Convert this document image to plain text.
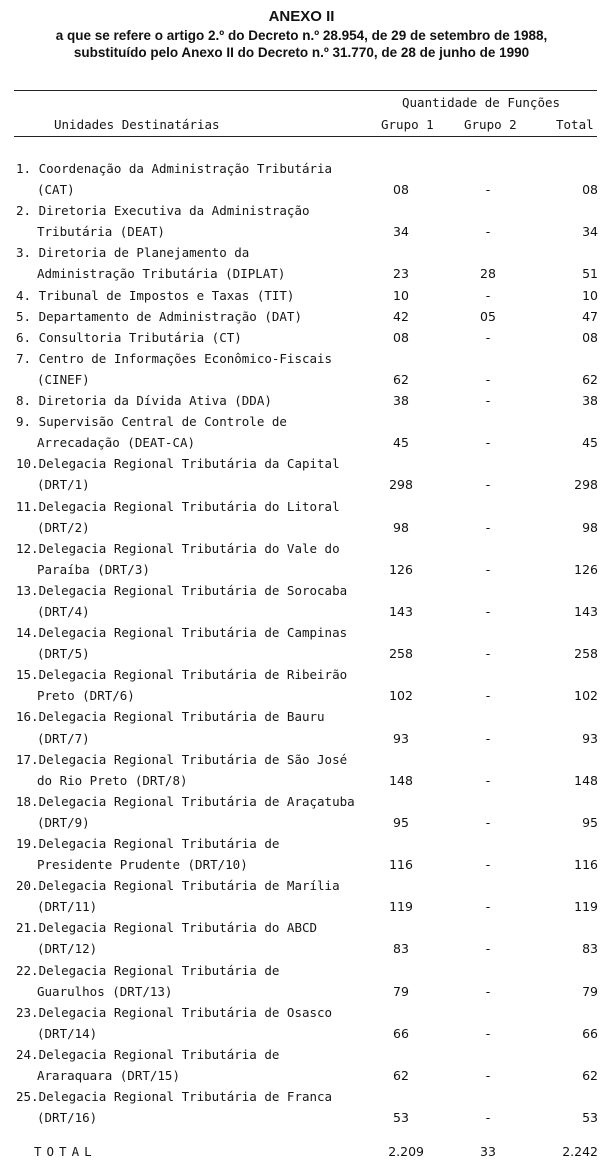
ANEXO II
a que se refere o artigo 2.º do Decreto n.º 28.954, de 29 de setembro de 1988,
substituído pelo Anexo II do Decreto n.º 31.770, de 28 de junho de 1990
Quantidade de Funções
Unidades Destinatárias	Grupo 1 Grupo 2	Total
1. Coordenação da Administração Tributária
(CAT)	08	-	08
2. Diretoria Executiva da Administração
Tributária (DEAT)	34	-	34
3. Diretoria de Planejamento da
Administração Tributária (DIPLAT)	23	28	51
4. Tribunal de Impostos e Taxas (TIT)	10	-	10
5. Departamento de Administração (DAT)	42	05	47
6. Consultoria Tributária (CT)	08	-	08
7. Centro de Informações Econômico-Fiscais
(CINEF)	62	-	62
8. Diretoria da Dívida Ativa (DDA)	38	-	38
9. Supervisão Central de Controle de
Arrecadação (DEAT-CA)	45	-	45
10.Delegacia Regional Tributária da Capital
(DRT/1)	298	-	298
11.Delegacia Regional Tributária do Litoral
(DRT/2)	98	-	98
12.Delegacia Regional Tributária do Vale do
Paraíba (DRT/3)	126	-	126
13.Delegacia Regional Tributária de Sorocaba
(DRT/4)	143	-	143
14.Delegacia Regional Tributária de Campinas
(DRT/5)	258	-	258
15.Delegacia Regional Tributária de Ribeirão
Preto (DRT/6)	102	-	102
16.Delegacia Regional Tributária de Bauru
(DRT/7)	93	-	93
17.Delegacia Regional Tributária de São José
do Rio Preto (DRT/8)	148	-	148
18.Delegacia Regional Tributária de Araçatuba
(DRT/9)	95	-	95
19.Delegacia Regional Tributária de
Presidente Prudente (DRT/10)	116	-	116
20.Delegacia Regional Tributária de Marília
(DRT/11)	119	-	119
21.Delegacia Regional Tributária do ABCD
(DRT/12)	83	-	83
22.Delegacia Regional Tributária de
Guarulhos (DRT/13)	79	-	79
23.Delegacia Regional Tributária de Osasco
(DRT/14)	66	-	66
24.Delegacia Regional Tributária de
Araraquara (DRT/15)	62	-	62
25.Delegacia Regional Tributária de Franca
(DRT/16)	53	-	53
TOTAL	2.209	33	2.242
